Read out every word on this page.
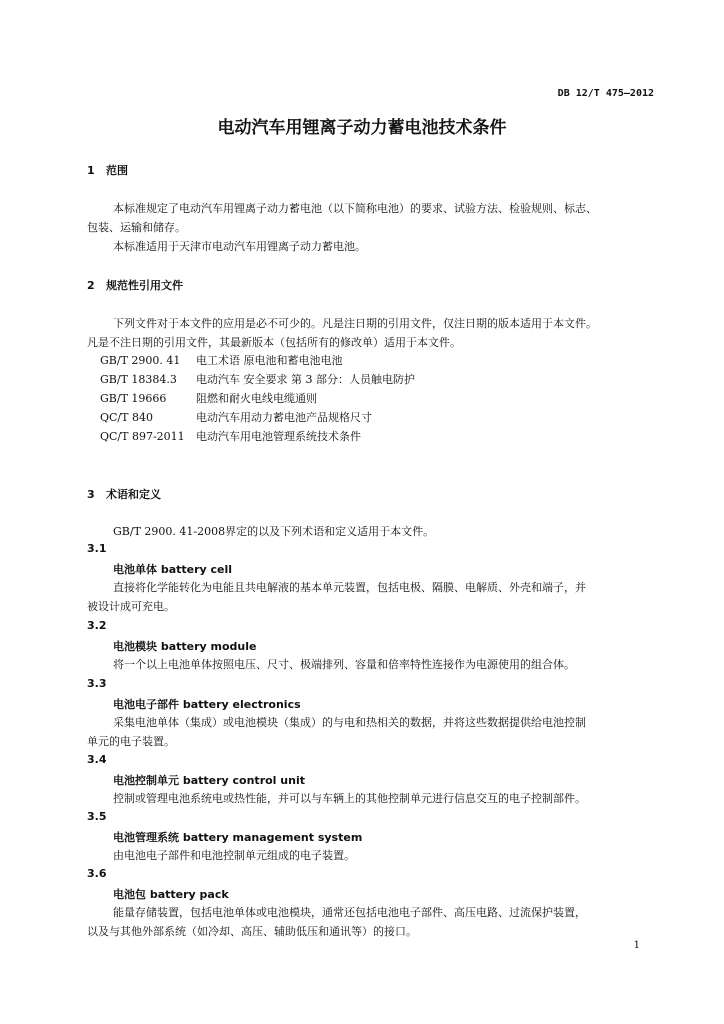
DB 12/T 475—2012
电动汽车用锂离子动力蓄电池技术条件
1 范围
本标准规定了电动汽车用锂离子动力蓄电池（以下简称电池）的要求、试验方法、检验规则、标志、
包装、运输和储存。
本标准适用于天津市电动汽车用锂离子动力蓄电池。
2 规范性引用文件
下列文件对于本文件的应用是必不可少的。凡是注日期的引用文件，仅注日期的版本适用于本文件。
凡是不注日期的引用文件，其最新版本（包括所有的修改单）适用于本文件。
GB/T 2900. 41 电工术语 原电池和蓄电池电池
GB/T 18384.3 电动汽车 安全要求 第 3 部分：人员触电防护
GB/T 19666	阻燃和耐火电线电缆通则
QC/T 840	电动汽车用动力蓄电池产品规格尺寸
QC/T 897-2011 电动汽车用电池管理系统技术条件
3 术语和定义
GB/T 2900. 41-2008界定的以及下列术语和定义适用于本文件。
3.1
电池单体 battery cell
直接将化学能转化为电能且共电解液的基本单元装置，包括电极、隔膜、电解质、外壳和端子，并
被设计成可充电。
3.2
电池模块 battery module
将一个以上电池单体按照电压、尺寸、极端排列、容量和倍率特性连接作为电源使用的组合体。
3.3
电池电子部件 battery electronics
采集电池单体（集成）或电池模块（集成）的与电和热相关的数据，并将这些数据提供给电池控制
单元的电子装置。
3.4
电池控制单元 battery control unit
控制或管理电池系统电或热性能，并可以与车辆上的其他控制单元进行信息交互的电子控制部件。
3.5
电池管理系统 battery management system
由电池电子部件和电池控制单元组成的电子装置。
3.6
电池包 battery pack
能量存储装置，包括电池单体或电池模块，通常还包括电池电子部件、高压电路、过流保护装置，
以及与其他外部系统（如冷却、高压、辅助低压和通讯等）的接口。
1
